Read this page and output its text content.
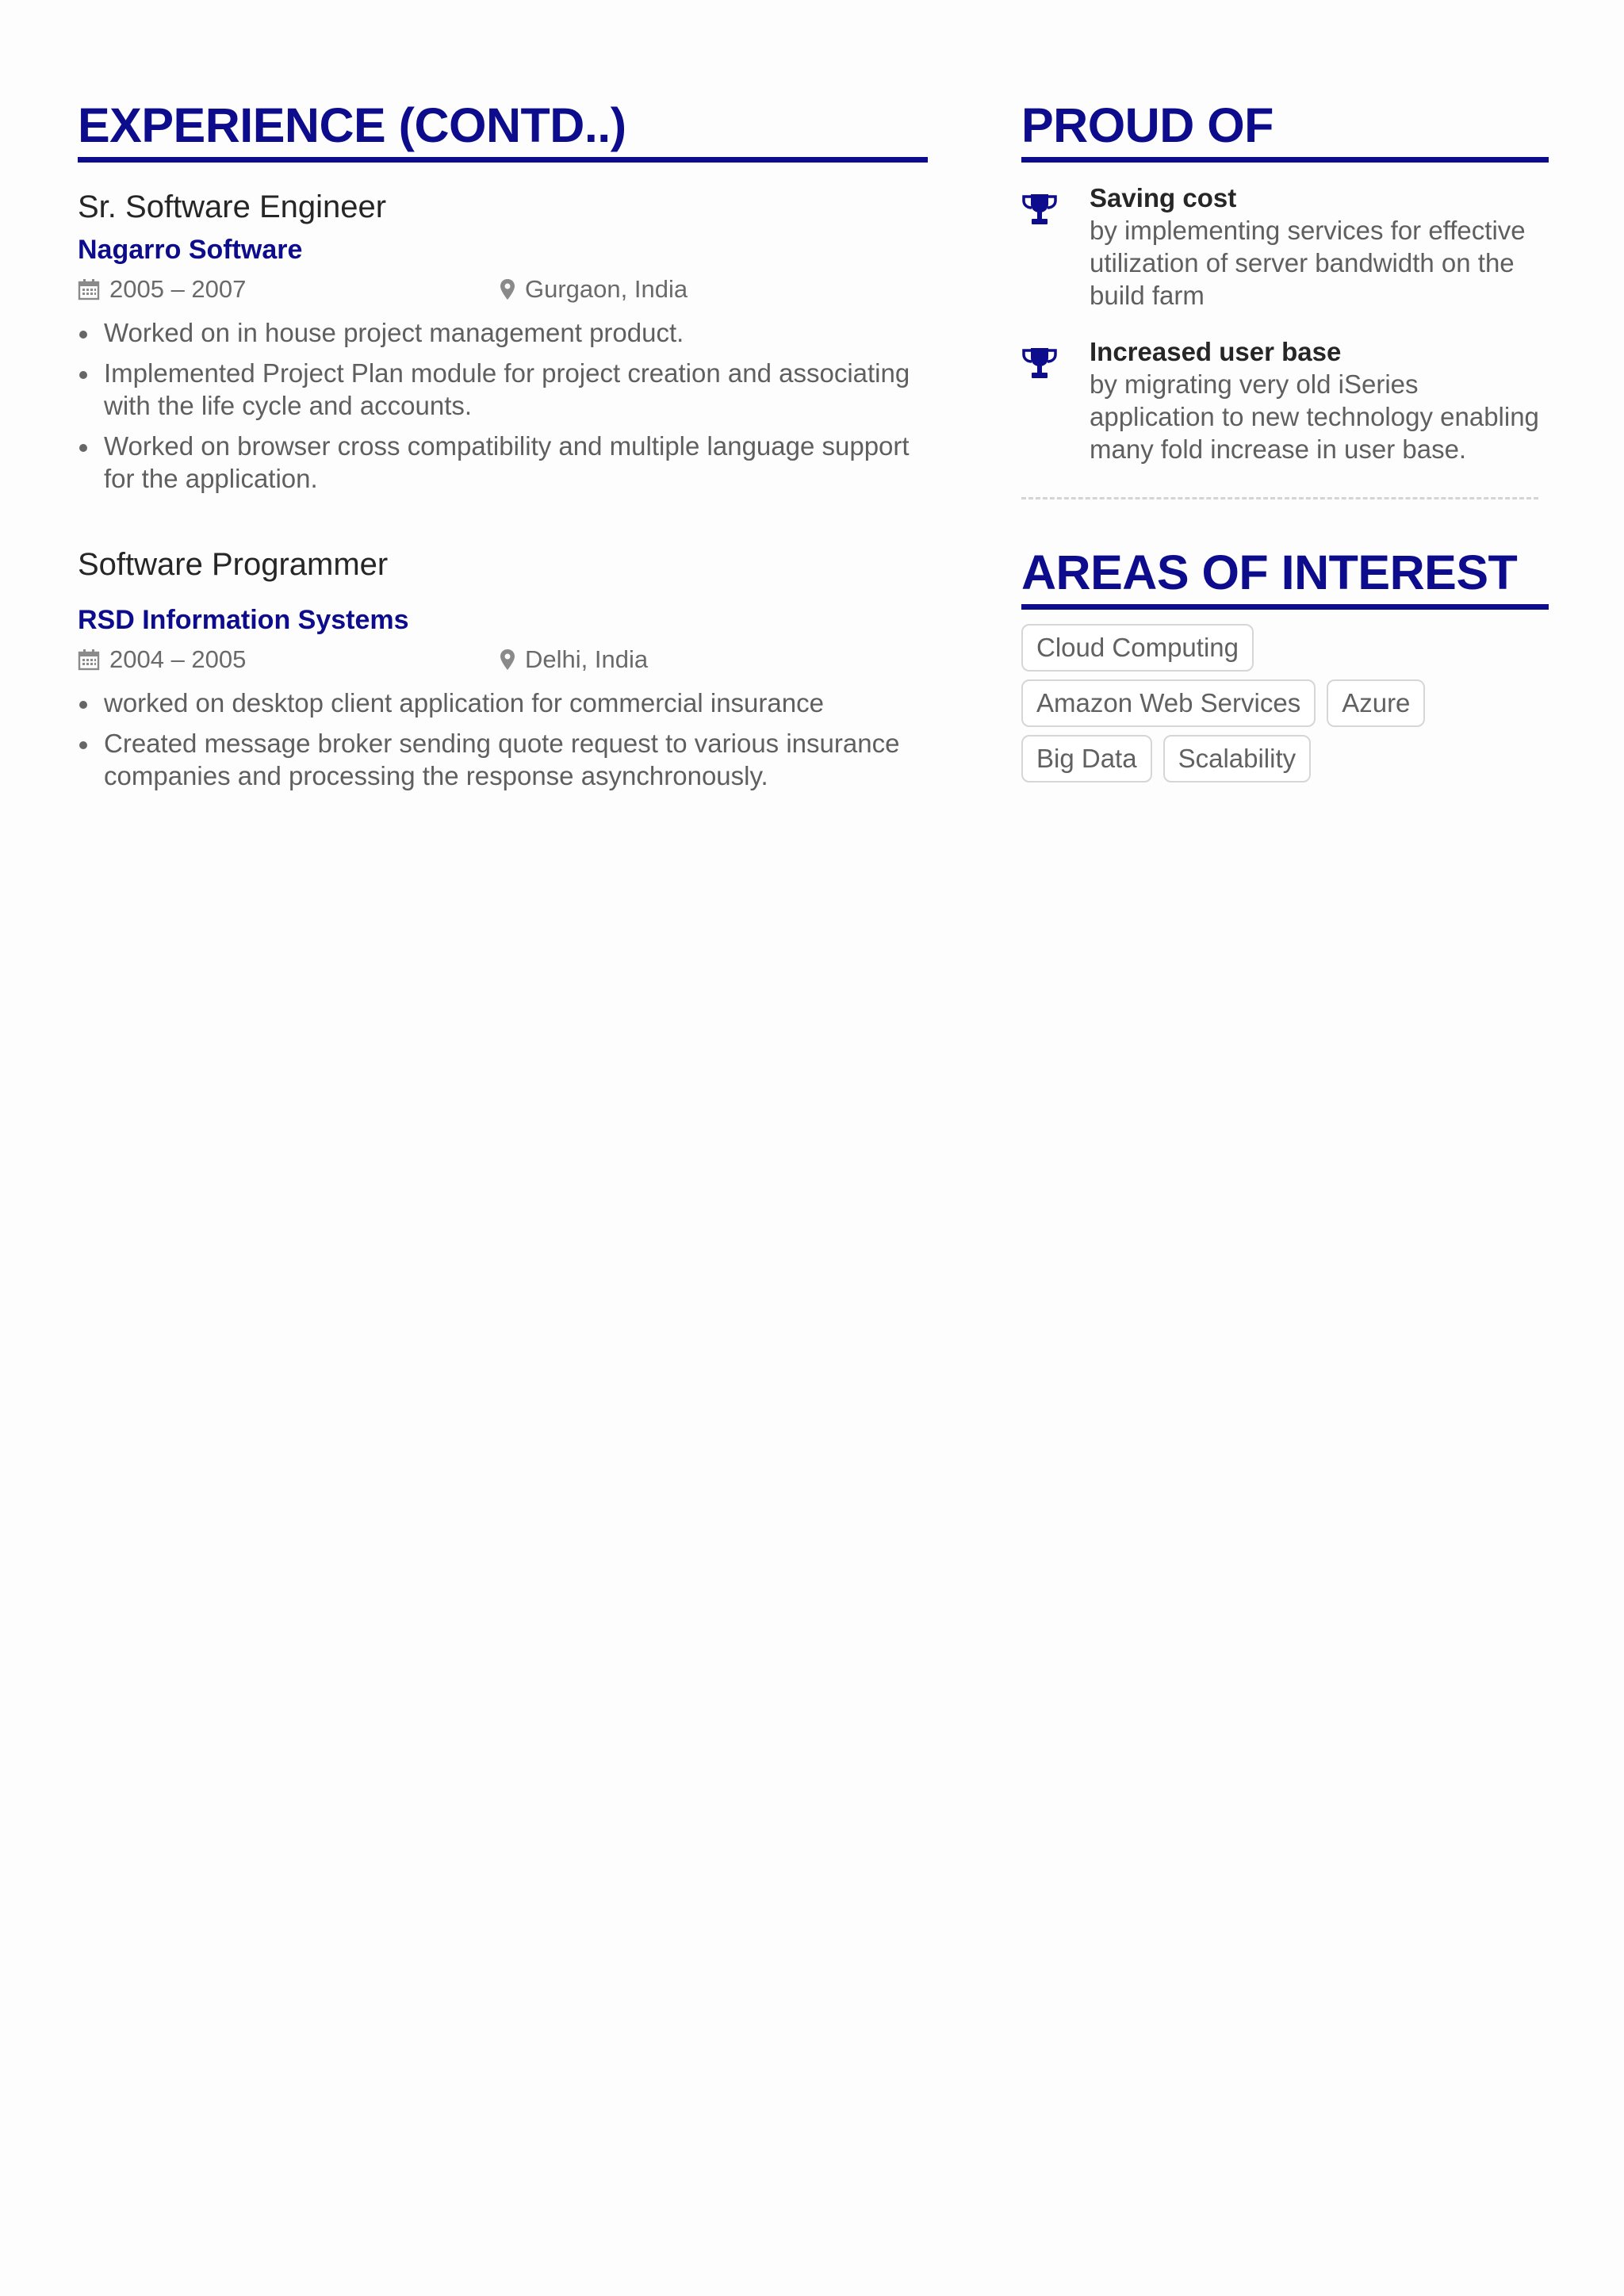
EXPERIENCE (CONTD..)
Sr. Software Engineer
Nagarro Software
2005 – 2007	Gurgaon, India
Worked on in house project management product.
Implemented Project Plan module for project creation and associating with the life cycle and accounts.
Worked on browser cross compatibility and multiple language support for the application.
Software Programmer
RSD Information Systems
2004 – 2005	Delhi, India
worked on desktop client application for commercial insurance
Created message broker sending quote request to various insurance companies and processing the response asynchronously.
PROUD OF
Saving cost
by implementing services for effective utilization of server bandwidth on the build farm
Increased user base
by migrating very old iSeries application to new technology enabling many fold increase in user base.
AREAS OF INTEREST
Cloud Computing
Amazon Web Services	Azure
Big Data	Scalability
